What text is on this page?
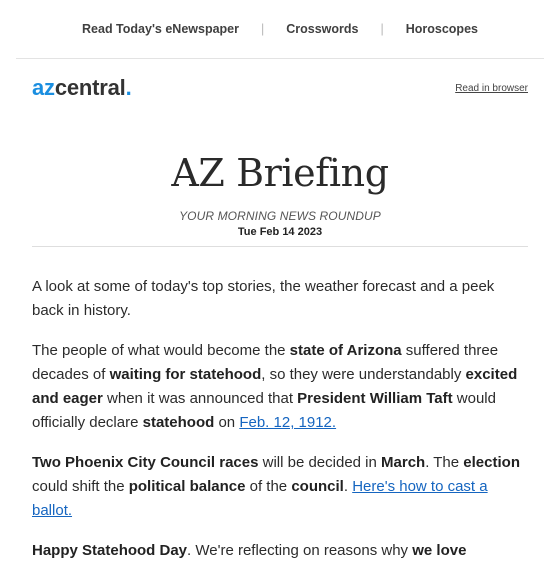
Read Today's eNewspaper | Crosswords | Horoscopes
azcentral.	Read in browser
AZ Briefing
YOUR MORNING NEWS ROUNDUP
Tue Feb 14 2023

A look at some of today's top stories, the weather forecast and a peek back in history.

The people of what would become the state of Arizona suffered three decades of waiting for statehood, so they were understandably excited and eager when it was announced that President William Taft would officially declare statehood on Feb. 12, 1912.

Two Phoenix City Council races will be decided in March. The election could shift the political balance of the council. Here's how to cast a ballot.

Happy Statehood Day. We're reflecting on reasons why we love
